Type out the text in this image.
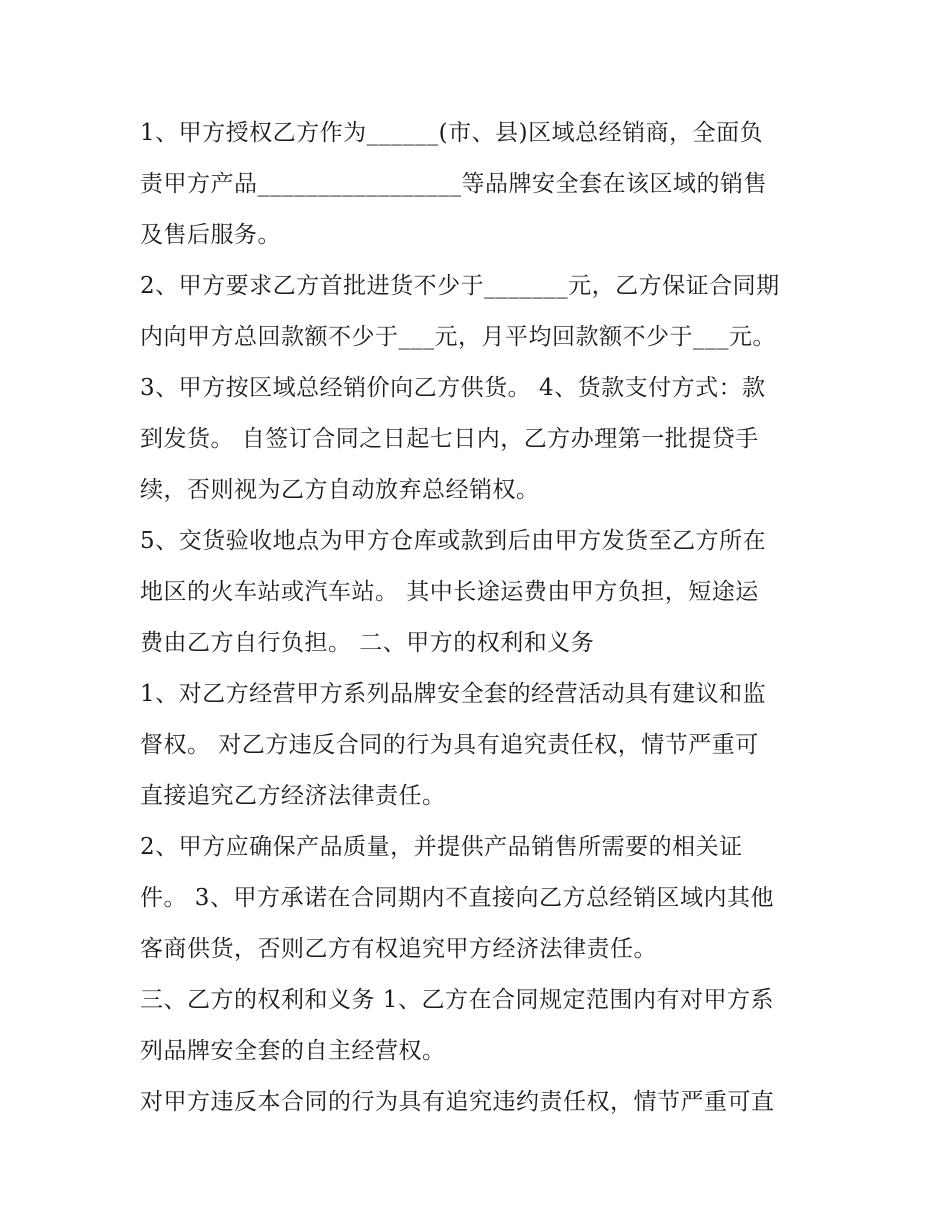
1、甲方授权乙方作为______(市、县)区域总经销商，全面负
责甲方产品_________________等品牌安全套在该区域的销售
及售后服务。
2、甲方要求乙方首批进货不少于_______元，乙方保证合同期
内向甲方总回款额不少于___元，月平均回款额不少于___元。
3、甲方按区域总经销价向乙方供货。 4、货款支付方式：款
到发货。 自签订合同之日起七日内，乙方办理第一批提贷手
续，否则视为乙方自动放弃总经销权。
5、交货验收地点为甲方仓库或款到后由甲方发货至乙方所在
地区的火车站或汽车站。 其中长途运费由甲方负担，短途运
费由乙方自行负担。 二、甲方的权利和义务
1、对乙方经营甲方系列品牌安全套的经营活动具有建议和监
督权。 对乙方违反合同的行为具有追究责任权，情节严重可
直接追究乙方经济法律责任。
2、甲方应确保产品质量，并提供产品销售所需要的相关证
件。 3、甲方承诺在合同期内不直接向乙方总经销区域内其他
客商供货，否则乙方有权追究甲方经济法律责任。
三、乙方的权利和义务 1、乙方在合同规定范围内有对甲方系
列品牌安全套的自主经营权。
对甲方违反本合同的行为具有追究违约责任权，情节严重可直
